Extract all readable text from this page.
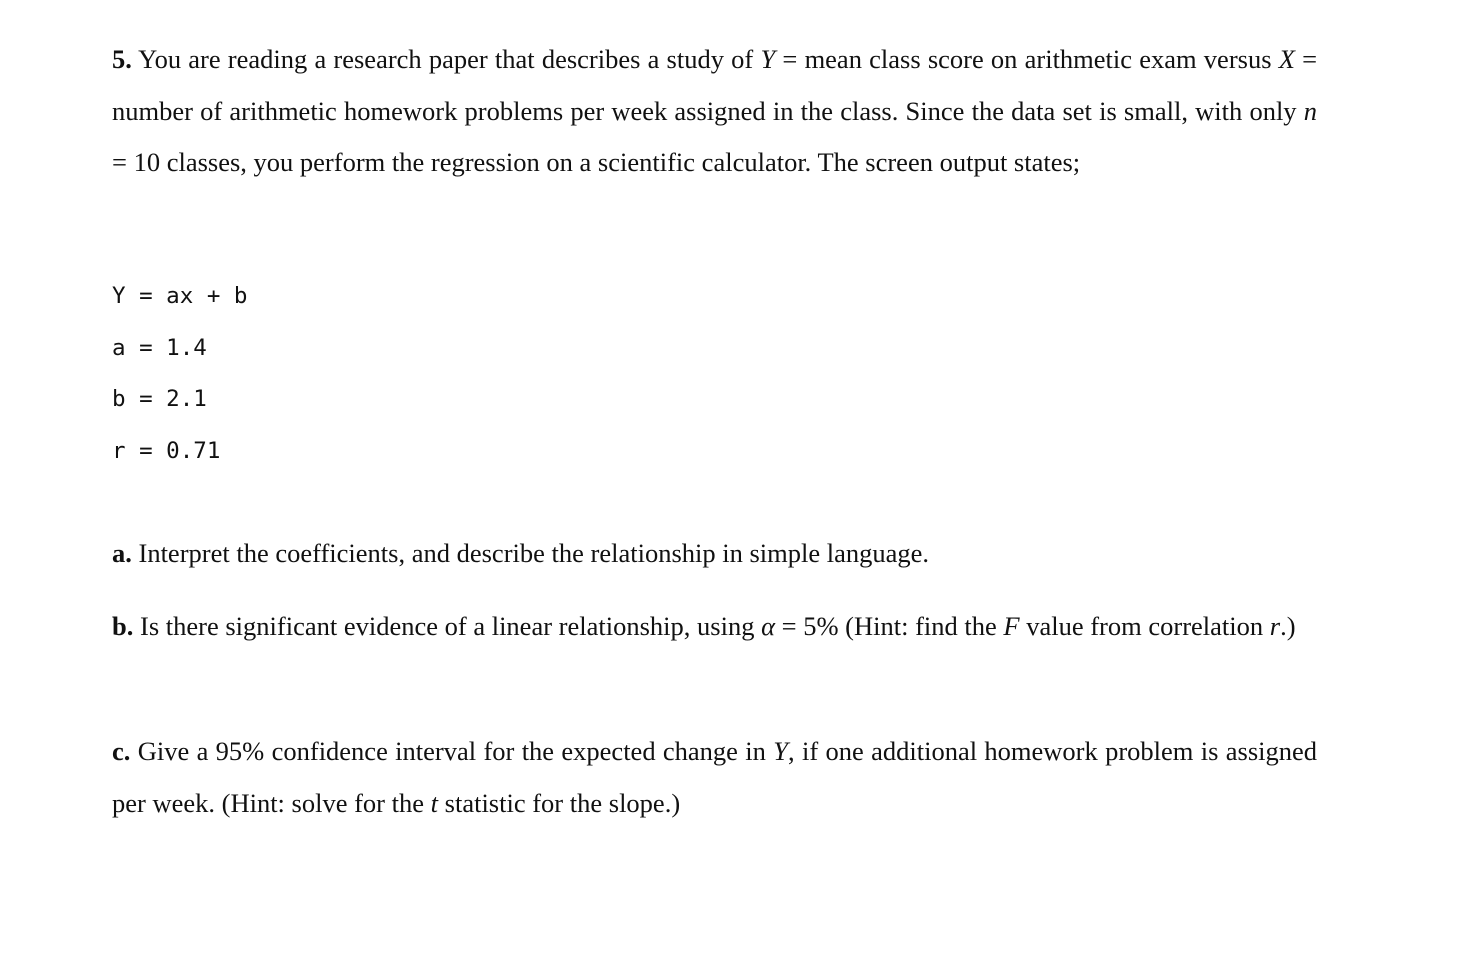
5. You are reading a research paper that describes a study of Y = mean class score on arithmetic exam versus X = number of arithmetic homework problems per week assigned in the class. Since the data set is small, with only n = 10 classes, you perform the regression on a scientific calculator. The screen output states;
Y = ax + b
a = 1.4
b = 2.1
r = 0.71
a. Interpret the coefficients, and describe the relationship in simple language.
b. Is there significant evidence of a linear relationship, using α = 5% (Hint: find the F value from correlation r.)
c. Give a 95% confidence interval for the expected change in Y, if one additional homework problem is assigned per week. (Hint: solve for the t statistic for the slope.)
